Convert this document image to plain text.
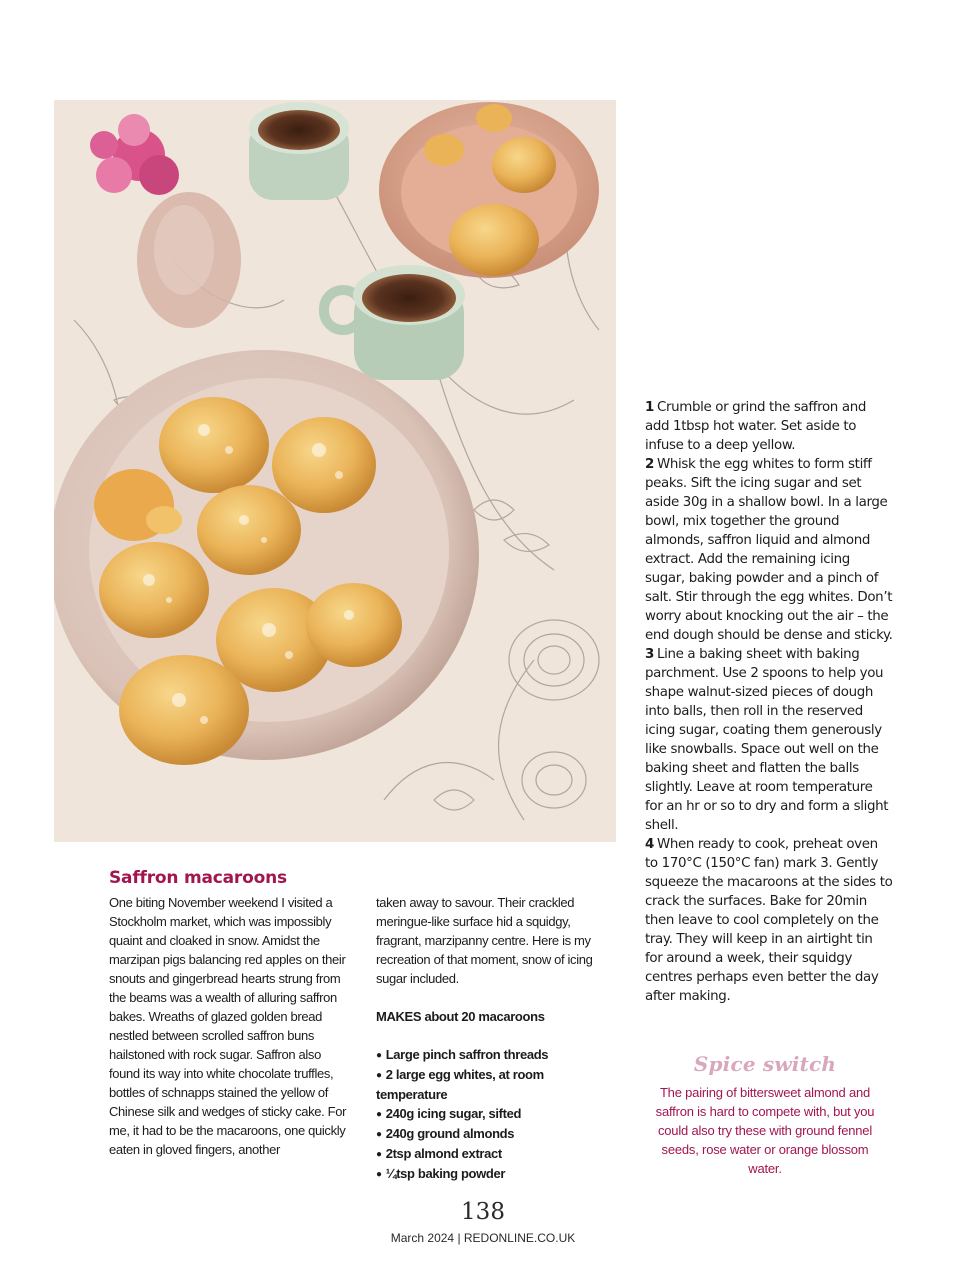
Saffron macaroons

One biting November weekend I visited a Stockholm market, which was impossibly quaint and cloaked in snow. Amidst the marzipan pigs balancing red apples on their snouts and gingerbread hearts strung from the beams was a wealth of alluring saffron bakes. Wreaths of glazed golden bread nestled between scrolled saffron buns hailstoned with rock sugar. Saffron also found its way into white chocolate truffles, bottles of schnapps stained the yellow of Chinese silk and wedges of sticky cake. For me, it had to be the macaroons, one quickly eaten in gloved fingers, another

taken away to savour. Their crackled meringue-like surface hid a squidgy, fragrant, marzipanny centre. Here is my recreation of that moment, snow of icing sugar included.

MAKES about 20 macaroons

● Large pinch saffron threads
● 2 large egg whites, at room temperature
● 240g icing sugar, sifted
● 240g ground almonds
● 2tsp almond extract
● ¼tsp baking powder

1 Crumble or grind the saffron and add 1tbsp hot water. Set aside to infuse to a deep yellow.

2 Whisk the egg whites to form stiff peaks. Sift the icing sugar and set aside 30g in a shallow bowl. In a large bowl, mix together the ground almonds, saffron liquid and almond extract. Add the remaining icing sugar, baking powder and a pinch of salt. Stir through the egg whites. Don’t worry about knocking out the air – the end dough should be dense and sticky.

3 Line a baking sheet with baking parchment. Use 2 spoons to help you shape walnut-sized pieces of dough into balls, then roll in the reserved icing sugar, coating them generously like snowballs. Space out well on the baking sheet and flatten the balls slightly. Leave at room temperature for an hr or so to dry and form a slight shell.

4 When ready to cook, preheat oven to 170°C (150°C fan) mark 3. Gently squeeze the macaroons at the sides to crack the surfaces. Bake for 20min then leave to cool completely on the tray. They will keep in an airtight tin for around a week, their squidgy centres perhaps even better the day after making.

Spice switch

The pairing of bittersweet almond and saffron is hard to compete with, but you could also try these with ground fennel seeds, rose water or orange blossom water.

138

March 2024 | REDONLINE.CO.UK
